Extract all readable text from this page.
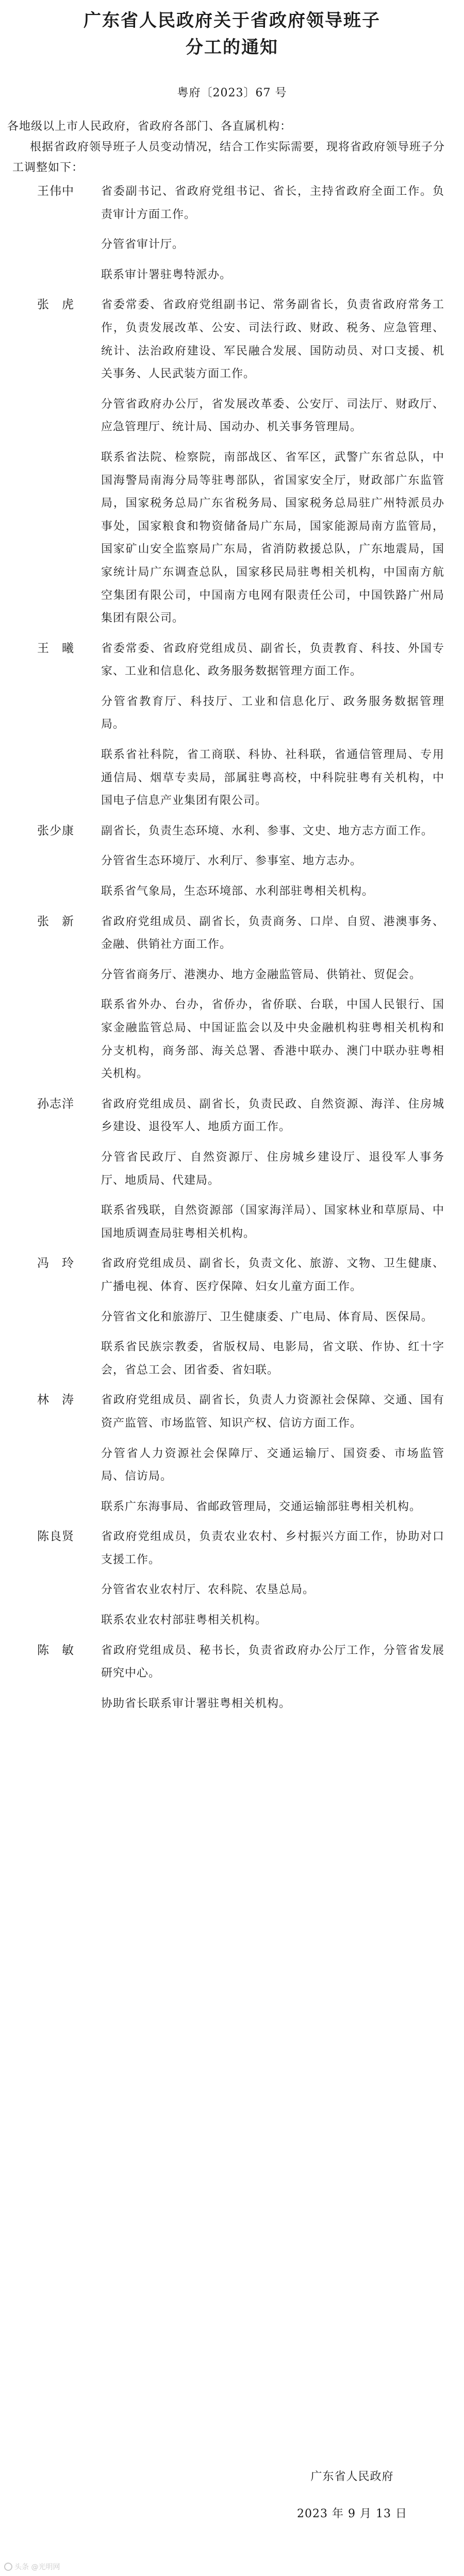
广东省人民政府关于省政府领导班子
分工的通知
粤府〔2023〕67 号
各地级以上市人民政府，省政府各部门、各直属机构：
根据省政府领导班子人员变动情况，结合工作实际需要，现将省政府领导班子分工调整如下：
王伟中 省委副书记、省政府党组书记、省长，主持省政府全面工作。负责审计方面工作。

分管省审计厅。

联系审计署驻粤特派办。

张　虎 省委常委、省政府党组副书记、常务副省长，负责省政府常务工作，负责发展改革、公安、司法行政、财政、税务、应急管理、统计、法治政府建设、军民融合发展、国防动员、对口支援、机关事务、人民武装方面工作。

分管省政府办公厅，省发展改革委、公安厅、司法厅、财政厅、应急管理厅、统计局、国动办、机关事务管理局。

联系省法院、检察院，南部战区、省军区，武警广东省总队，中国海警局南海分局等驻粤部队，省国家安全厅，财政部广东监管局，国家税务总局广东省税务局、国家税务总局驻广州特派员办事处，国家粮食和物资储备局广东局，国家能源局南方监管局，国家矿山安全监察局广东局，省消防救援总队，广东地震局，国家统计局广东调查总队，国家移民局驻粤相关机构，中国南方航空集团有限公司，中国南方电网有限责任公司，中国铁路广州局集团有限公司。

王　曦 省委常委、省政府党组成员、副省长，负责教育、科技、外国专家、工业和信息化、政务服务数据管理方面工作。

分管省教育厅、科技厅、工业和信息化厅、政务服务数据管理局。

联系省社科院，省工商联、科协、社科联，省通信管理局、专用通信局、烟草专卖局，部属驻粤高校，中科院驻粤有关机构，中国电子信息产业集团有限公司。

张少康 副省长，负责生态环境、水利、参事、文史、地方志方面工作。

分管省生态环境厅、水利厅、参事室、地方志办。

联系省气象局，生态环境部、水利部驻粤相关机构。

张　新 省政府党组成员、副省长，负责商务、口岸、自贸、港澳事务、金融、供销社方面工作。

分管省商务厅、港澳办、地方金融监管局、供销社、贸促会。

联系省外办、台办，省侨办，省侨联、台联，中国人民银行、国家金融监管总局、中国证监会以及中央金融机构驻粤相关机构和分支机构，商务部、海关总署、香港中联办、澳门中联办驻粤相关机构。

孙志洋 省政府党组成员、副省长，负责民政、自然资源、海洋、住房城乡建设、退役军人、地质方面工作。

分管省民政厅、自然资源厅、住房城乡建设厅、退役军人事务厅、地质局、代建局。

联系省残联，自然资源部（国家海洋局）、国家林业和草原局、中国地质调查局驻粤相关机构。

冯　玲 省政府党组成员、副省长，负责文化、旅游、文物、卫生健康、广播电视、体育、医疗保障、妇女儿童方面工作。

分管省文化和旅游厅、卫生健康委、广电局、体育局、医保局。

联系省民族宗教委，省版权局、电影局，省文联、作协、红十字会，省总工会、团省委、省妇联。

林　涛 省政府党组成员、副省长，负责人力资源社会保障、交通、国有资产监管、市场监管、知识产权、信访方面工作。

分管省人力资源社会保障厅、交通运输厅、国资委、市场监管局、信访局。

联系广东海事局、省邮政管理局，交通运输部驻粤相关机构。

陈良贤 省政府党组成员，负责农业农村、乡村振兴方面工作，协助对口支援工作。

分管省农业农村厅、农科院、农垦总局。

联系农业农村部驻粤相关机构。

陈　敏 省政府党组成员、秘书长，负责省政府办公厅工作，分管省发展研究中心。

协助省长联系审计署驻粤相关机构。

广东省人民政府
2023 年 9 月 13 日
头条 @光明网
